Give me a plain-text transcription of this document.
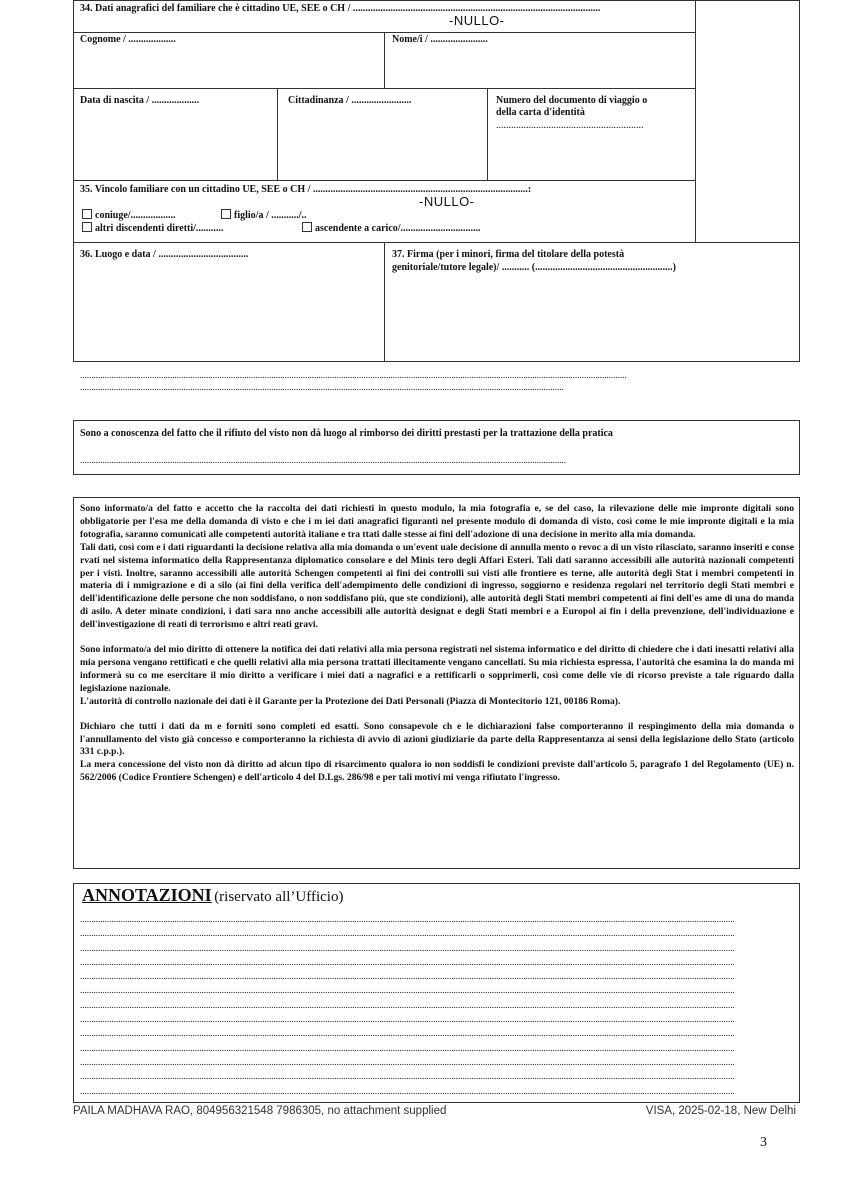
34. Dati anagrafici del familiare che è cittadino UE, SEE o CH / ...................................................................................................
-NULLO-
Cognome / ...................	Nome/i / .......................
Data di nascita / ...................	Cittadinanza / ........................	Numero del documento di viaggio o
della carta d'identità
...........................................................
35. Vincolo familiare con un cittadino UE, SEE o CH / ......................................................................................:
-NULLO-
coniuge/..................	figlio/a / .........../..
altri discendenti diretti/...........	ascendente a carico/................................
36. Luogo e data / ....................................	37. Firma (per i minori, firma del titolare della potestà
genitoriale/tutore legale)/ ........... (.......................................................)
...................................................................................................................................................................................................................................................
.......................................................................................................................................................................................................................
Sono a conoscenza del fatto che il rifiuto del visto non dà luogo al rimborso dei diritti prestasti per la trattazione della pratica
........................................................................................................................................................................................................................

Sono informato/a del fatto e accetto che la raccolta dei dati richiesti in questo modulo, la mia fotografia e, se del caso, la rilevazione delle mie impronte digitali sono obbligatorie per l'esa me della domanda di visto e che i m iei dati anagrafici figuranti nel presente modulo di domanda di visto, così come le mie impronte digitali e la mia fotografia, saranno comunicati alle competenti autorità italiane e tra ttati dalle stesse ai fini dell'adozione di una decisione in merito alla mia domanda.

Tali dati, così com e i dati riguardanti la decisione relativa alla mia domanda o un'event uale decisione di annulla mento o revoc a di un visto rilasciato, saranno inseriti e conse rvati nel sistema informatico della Rappresentanza diplomatico consolare e del Minis tero degli Affari Esteri. Tali dati saranno accessibili alle autorità nazionali competenti per i visti. Inoltre, saranno accessibili alle autorità Schengen competenti ai fini dei controlli sui visti alle frontiere es terne, alle autorità degli Stat i membri competenti in materia di i mmigrazione e di a silo (ai fini della verifica dell'adempimento delle condizioni di ingresso, soggiorno e residenza regolari nel territorio degli Stati membri e dell'identificazione delle persone che non soddisfano, o non soddisfano più, que ste condizioni), alle autorità degli Stati membri competenti ai fini dell'es ame di una do manda di asilo. A deter minate condizioni, i dati sara nno anche accessibili alle autorità designat e degli Stati membri e a Europol ai fin i della prevenzione, dell'individuazione e dell'investigazione di reati di terrorismo e altri reati gravi.

Sono informato/a del mio diritto di ottenere la notifica dei dati relativi alla mia persona registrati nel sistema informatico e del diritto di chiedere che i dati inesatti relativi alla mia persona vengano rettificati e che quelli relativi alla mia persona trattati illecitamente vengano cancellati. Su mia richiesta espressa, l'autorità che esamina la do manda mi informerà su co me esercitare il mio diritto a verificare i miei dati a nagrafici e a rettificarli o sopprimerli, così come delle vie di ricorso previste a tale riguardo dalla legislazione nazionale.

L'autorità di controllo nazionale dei dati è il Garante per la Protezione dei Dati Personali (Piazza di Montecitorio 121, 00186 Roma).

Dichiaro che tutti i dati da m e forniti sono completi ed esatti. Sono consapevole ch e le dichiarazioni false comporteranno il respingimento della mia domanda o l'annullamento del visto già concesso e comporteranno la richiesta di avvio di azioni giudiziarie da parte della Rappresentanza ai sensi della legislazione dello Stato (articolo 331 c.p.p.).

La mera concessione del visto non dà diritto ad alcun tipo di risarcimento qualora io non soddisfi le condizioni previste dall'articolo 5, paragrafo 1 del Regolamento (UE) n. 562/2006 (Codice Frontiere Schengen) e dell'articolo 4 del D.Lgs. 286/98 e per tali motivi mi venga rifiutato l'ingresso.

ANNOTAZIONI (riservato all’Ufficio)
...................................................................................................................................................................................................................................................................................................
...................................................................................................................................................................................................................................................................................................
...................................................................................................................................................................................................................................................................................................
...................................................................................................................................................................................................................................................................................................
...................................................................................................................................................................................................................................................................................................
...................................................................................................................................................................................................................................................................................................
...................................................................................................................................................................................................................................................................................................
...................................................................................................................................................................................................................................................................................................
...................................................................................................................................................................................................................................................................................................
...................................................................................................................................................................................................................................................................................................
...................................................................................................................................................................................................................................................................................................
...................................................................................................................................................................................................................................................................................................
...................................................................................................................................................................................................................................................................................................
PAILA MADHAVA RAO, 804956321548 7986305, no attachment supplied	VISA, 2025-02-18, New Delhi
3
